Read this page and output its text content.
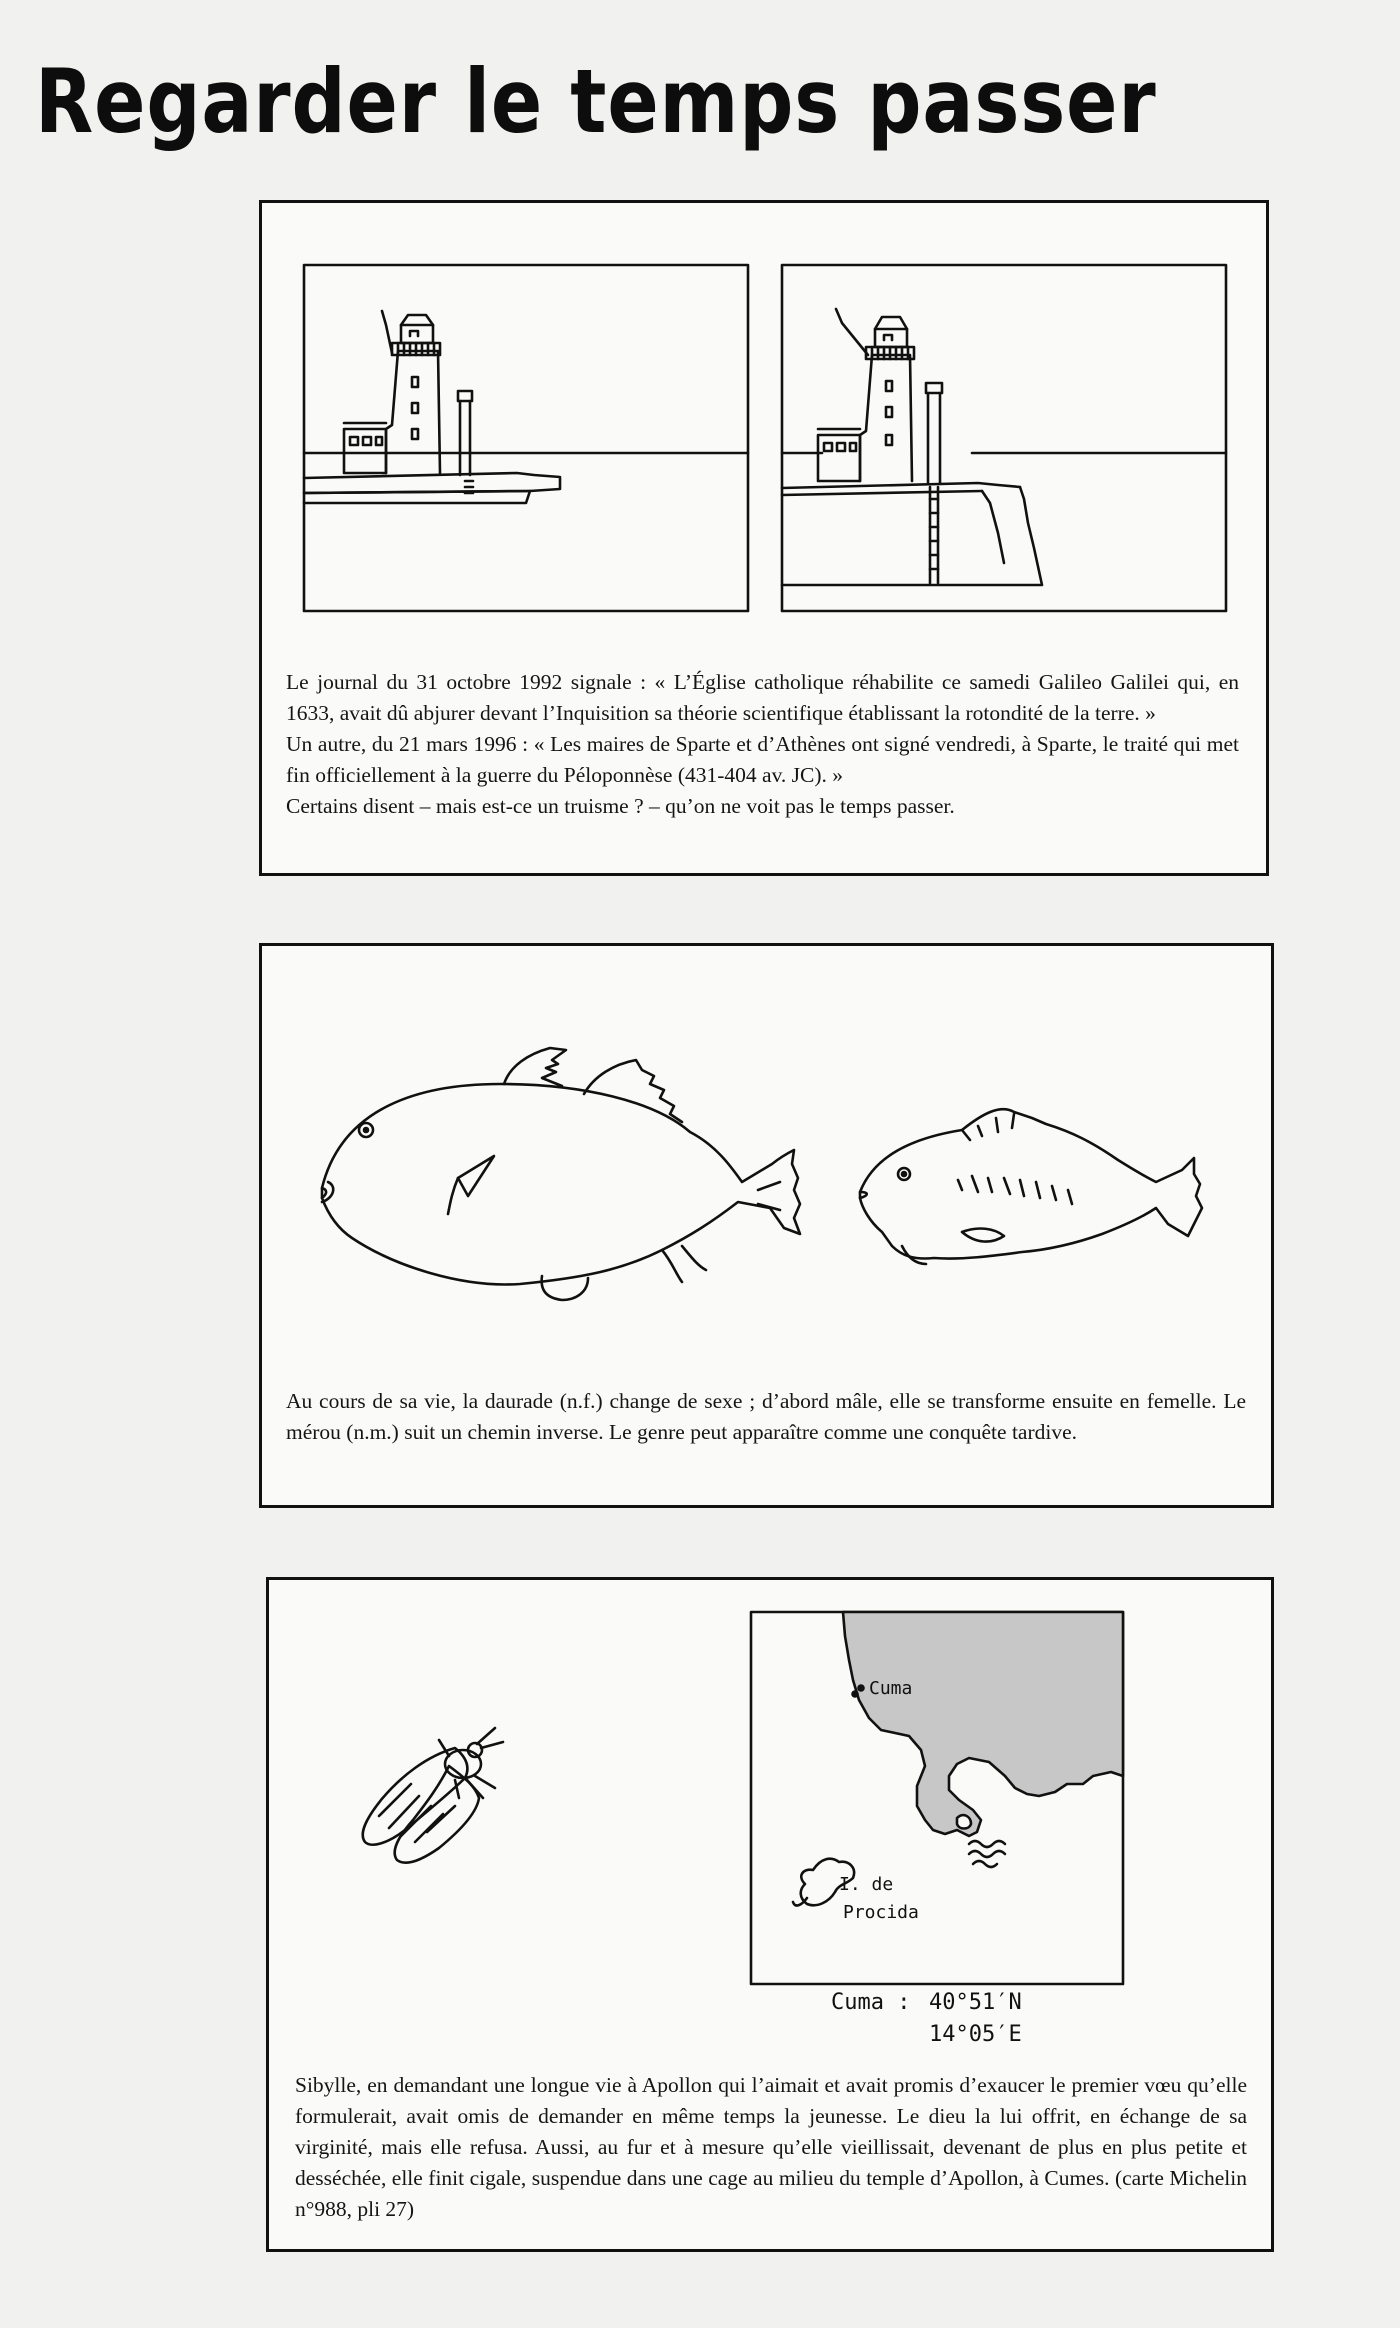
Regarder le temps passer

Le journal du 31 octobre 1992 signale : « L’Église catholique réhabilite ce samedi Galileo Galilei qui, en 1633, avait dû abjurer devant l’Inquisition sa théorie scientifique établissant la rotondité de la terre. »

Un autre, du 21 mars 1996 : « Les maires de Sparte et d’Athènes ont signé vendredi, à Sparte, le traité qui met fin officiellement à la guerre du Péloponnèse (431-404 av. JC). »

Certains disent – mais est-ce un truisme ? – qu’on ne voit pas le temps passer.

Au cours de sa vie, la daurade (n.f.) change de sexe ; d’abord mâle, elle se transforme ensuite en femelle. Le mérou (n.m.) suit un chemin inverse. Le genre peut apparaître comme une conquête tardive.
Cuma
I. de
Procida
Cuma : 40°51′N
14°05′E
Sibylle, en demandant une longue vie à Apollon qui l’aimait et avait promis d’exaucer le premier vœu qu’elle formulerait, avait omis de demander en même temps la jeunesse. Le dieu la lui offrit, en échange de sa virginité, mais elle refusa. Aussi, au fur et à mesure qu’elle vieillissait, devenant de plus en plus petite et desséchée, elle finit cigale, suspendue dans une cage au milieu du temple d’Apollon, à Cumes. (carte Michelin n°988, pli 27)
